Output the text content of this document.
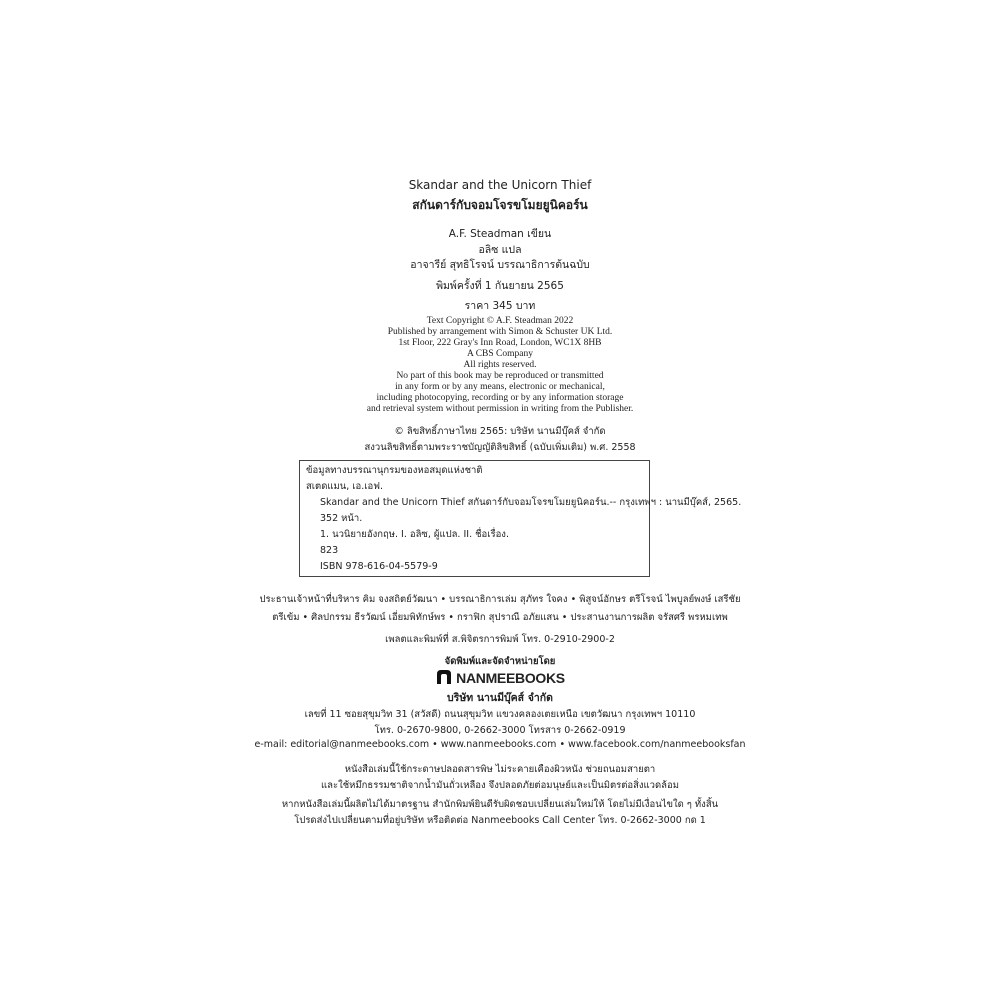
Skandar and the Unicorn Thief
สกันดาร์กับจอมโจรขโมยยูนิคอร์น
A.F. Steadman เขียน
อลิซ แปล
อาจารีย์ สุทธิโรจน์ บรรณาธิการต้นฉบับ
พิมพ์ครั้งที่ 1 กันยายน 2565
ราคา 345 บาท
Text Copyright © A.F. Steadman 2022
Published by arrangement with Simon & Schuster UK Ltd.
1st Floor, 222 Gray's Inn Road, London, WC1X 8HB
A CBS Company
All rights reserved.
No part of this book may be reproduced or transmitted
in any form or by any means, electronic or mechanical,
including photocopying, recording or by any information storage
and retrieval system without permission in writing from the Publisher.
© ลิขสิทธิ์ภาษาไทย 2565: บริษัท นานมีบุ๊คส์ จำกัด
สงวนลิขสิทธิ์ตามพระราชบัญญัติลิขสิทธิ์ (ฉบับเพิ่มเติม) พ.ศ. 2558
ข้อมูลทางบรรณานุกรมของหอสมุดแห่งชาติ
สเตดแมน, เอ.เอฟ.
Skandar and the Unicorn Thief สกันดาร์กับจอมโจรขโมยยูนิคอร์น.-- กรุงเทพฯ : นานมีบุ๊คส์, 2565.
352 หน้า.
1. นวนิยายอังกฤษ. I. อลิซ, ผู้แปล. II. ชื่อเรื่อง.
823
ISBN 978-616-04-5579-9
ประธานเจ้าหน้าที่บริหาร คิม จงสถิตย์วัฒนา • บรรณาธิการเล่ม สุภัทร ใจคง • พิสูจน์อักษร ตรีโรจน์ ไพบูลย์พงษ์ เสรีชัย
ตรีเข้ม • ศิลปกรรม ธีรวัฒน์ เอี่ยมพิทักษ์พร • กราฟิก สุปราณี อภัยแสน • ประสานงานการผลิต จรัสศรี พรหมเทพ
เพลตและพิมพ์ที่ ส.พิจิตรการพิมพ์ โทร. 0-2910-2900-2
จัดพิมพ์และจัดจำหน่ายโดย
NANMEEBOOKS
บริษัท นานมีบุ๊คส์ จำกัด
เลขที่ 11 ซอยสุขุมวิท 31 (สวัสดี) ถนนสุขุมวิท แขวงคลองเตยเหนือ เขตวัฒนา กรุงเทพฯ 10110
โทร. 0-2670-9800, 0-2662-3000 โทรสาร 0-2662-0919
e-mail: editorial@nanmeebooks.com • www.nanmeebooks.com • www.facebook.com/nanmeebooksfan
หนังสือเล่มนี้ใช้กระดาษปลอดสารพิษ ไม่ระคายเคืองผิวหนัง ช่วยถนอมสายตา
และใช้หมึกธรรมชาติจากน้ำมันถั่วเหลือง จึงปลอดภัยต่อมนุษย์และเป็นมิตรต่อสิ่งแวดล้อม
หากหนังสือเล่มนี้ผลิตไม่ได้มาตรฐาน สำนักพิมพ์ยินดีรับผิดชอบเปลี่ยนเล่มใหม่ให้ โดยไม่มีเงื่อนไขใด ๆ ทั้งสิ้น
โปรดส่งไปเปลี่ยนตามที่อยู่บริษัท หรือติดต่อ Nanmeebooks Call Center โทร. 0-2662-3000 กด 1
